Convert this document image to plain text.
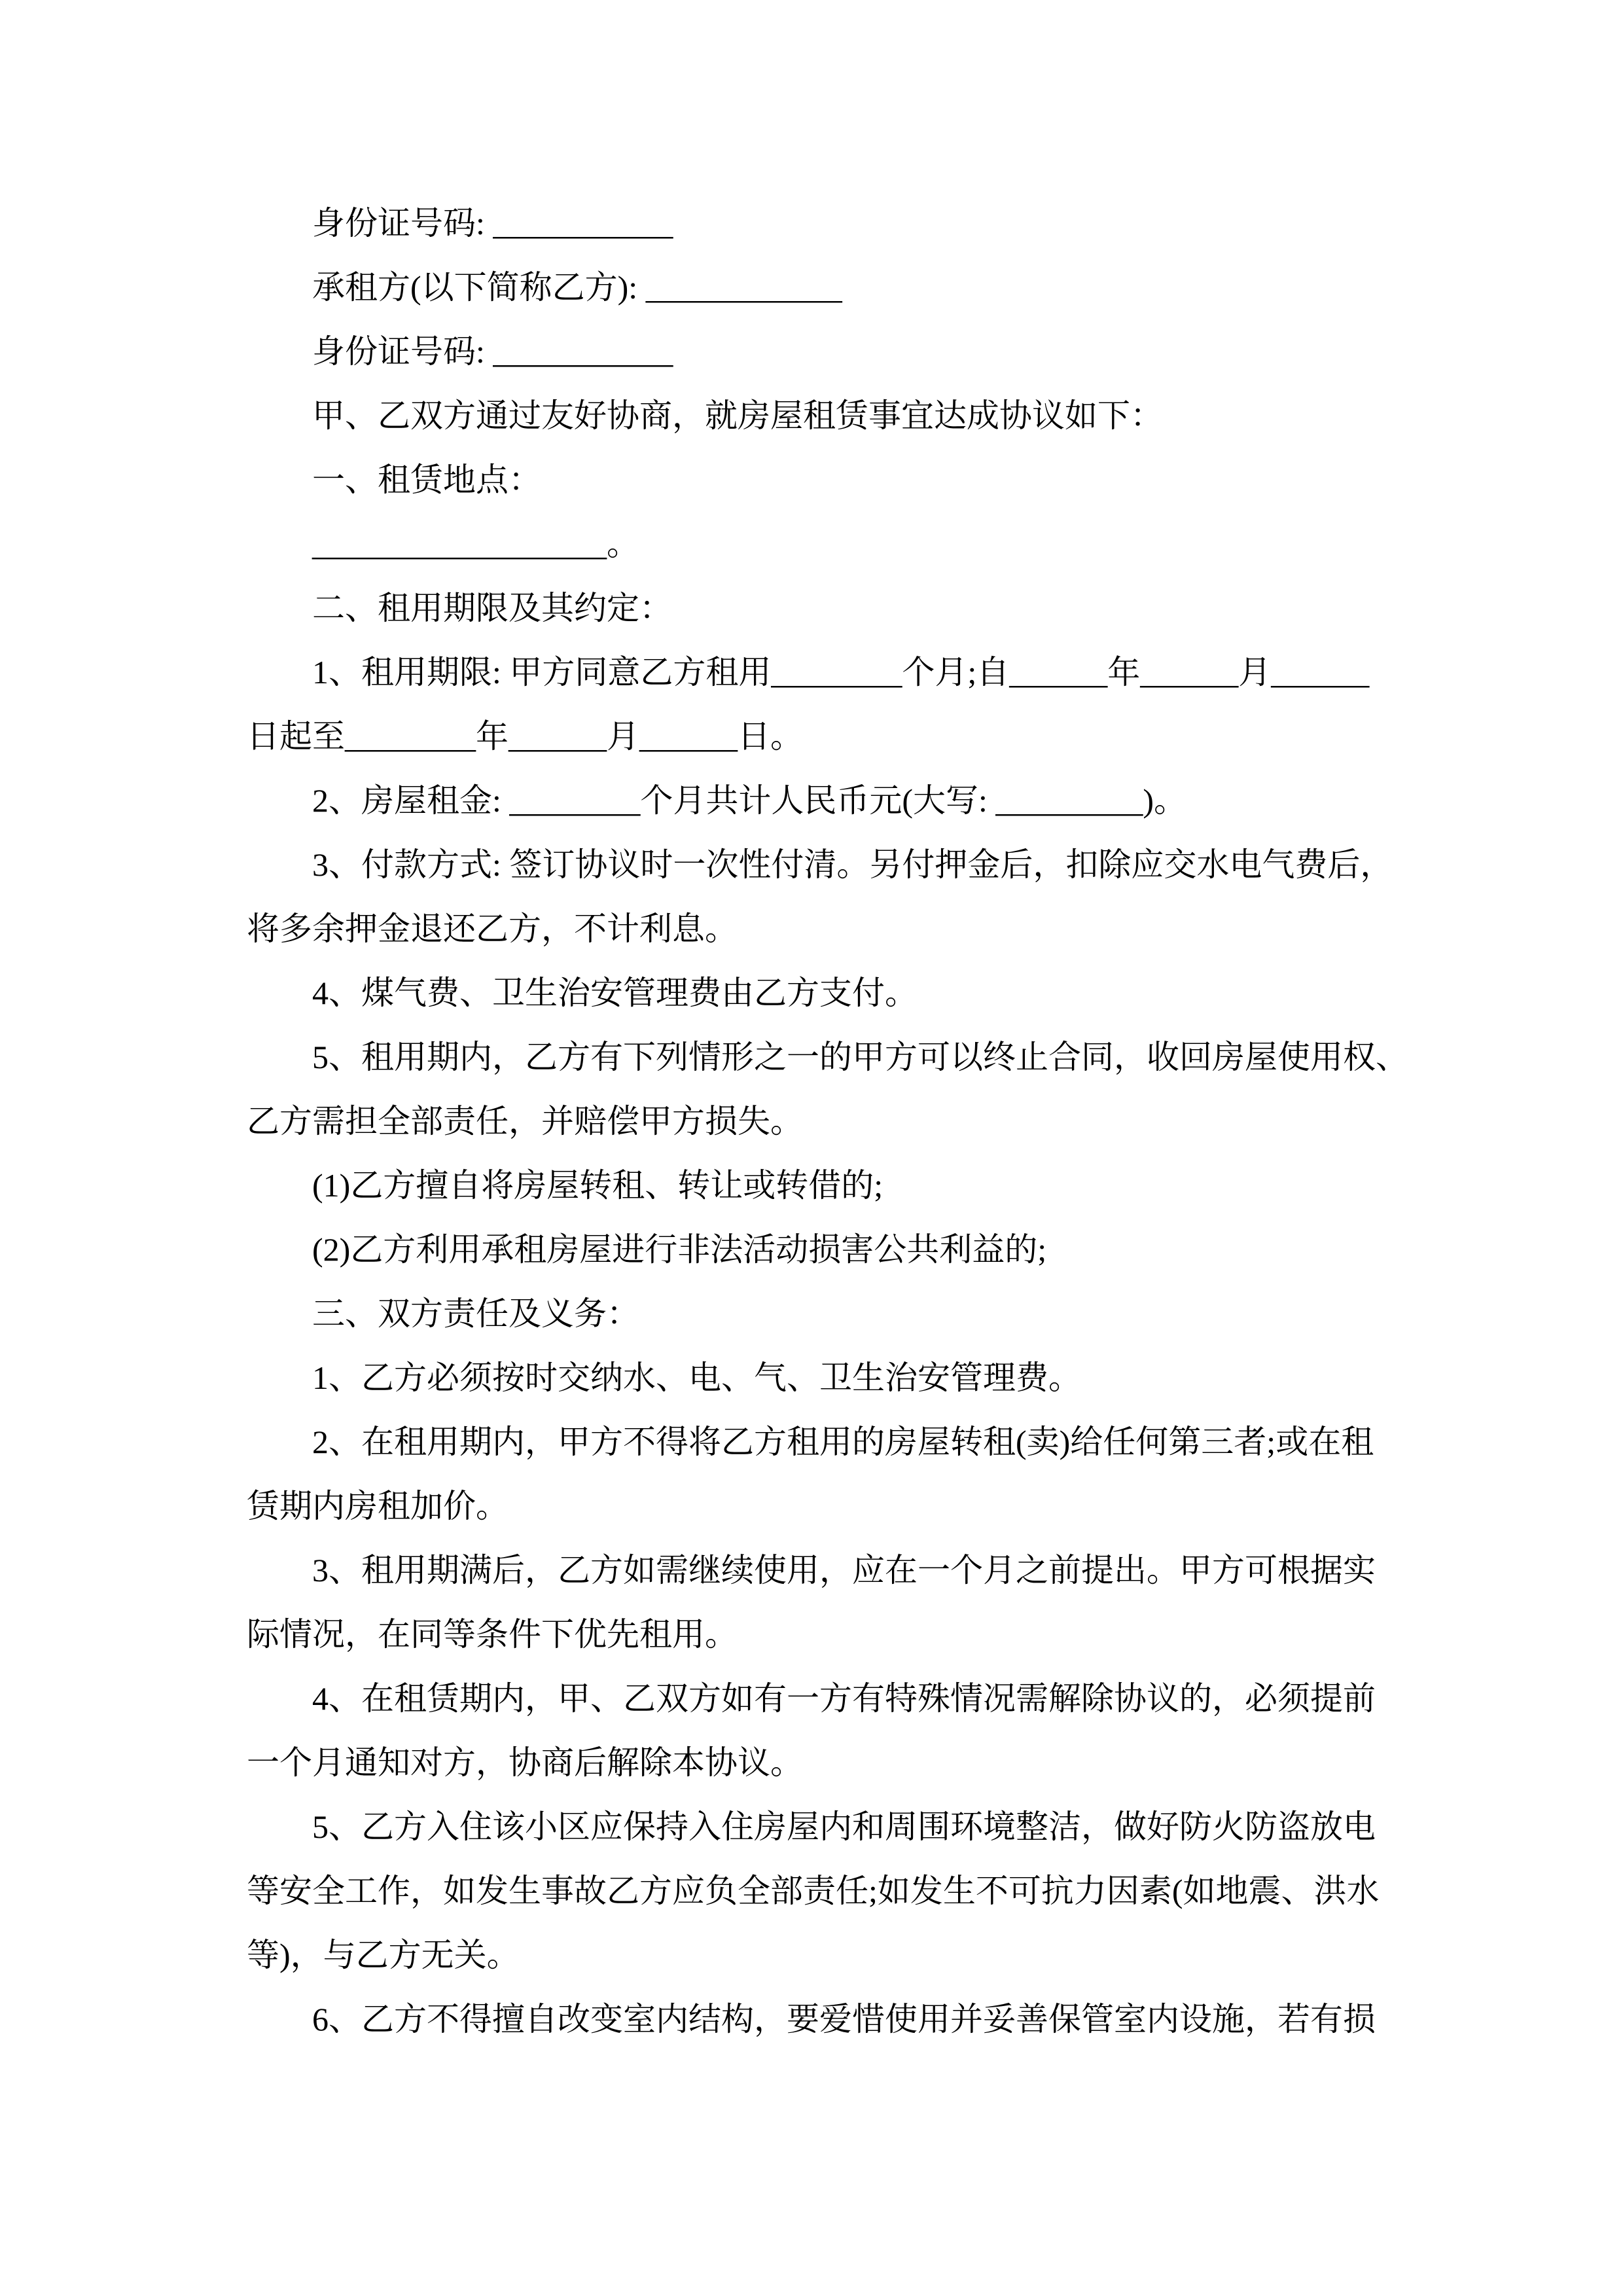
身份证号码: ___________

承租方(以下简称乙方): ____________

身份证号码: ___________

甲、乙双方通过友好协商，就房屋租赁事宜达成协议如下：

一、租赁地点：

__________________。

二、租用期限及其约定：

1、租用期限: 甲方同意乙方租用________个月;自______年______月______

日起至________年______月______日。

2、房屋租金: ________个月共计人民币元(大写: _________)。

3、付款方式: 签订协议时一次性付清。另付押金后，扣除应交水电气费后，

将多余押金退还乙方，不计利息。

4、煤气费、卫生治安管理费由乙方支付。

5、租用期内，乙方有下列情形之一的甲方可以终止合同，收回房屋使用权、

乙方需担全部责任，并赔偿甲方损失。

(1)乙方擅自将房屋转租、转让或转借的;

(2)乙方利用承租房屋进行非法活动损害公共利益的;

三、双方责任及义务：

1、乙方必须按时交纳水、电、气、卫生治安管理费。

2、在租用期内，甲方不得将乙方租用的房屋转租(卖)给任何第三者;或在租

赁期内房租加价。

3、租用期满后，乙方如需继续使用，应在一个月之前提出。甲方可根据实

际情况，在同等条件下优先租用。

4、在租赁期内，甲、乙双方如有一方有特殊情况需解除协议的，必须提前

一个月通知对方，协商后解除本协议。

5、乙方入住该小区应保持入住房屋内和周围环境整洁，做好防火防盗放电

等安全工作，如发生事故乙方应负全部责任;如发生不可抗力因素(如地震、洪水

等)，与乙方无关。

6、乙方不得擅自改变室内结构，要爱惜使用并妥善保管室内设施，若有损
